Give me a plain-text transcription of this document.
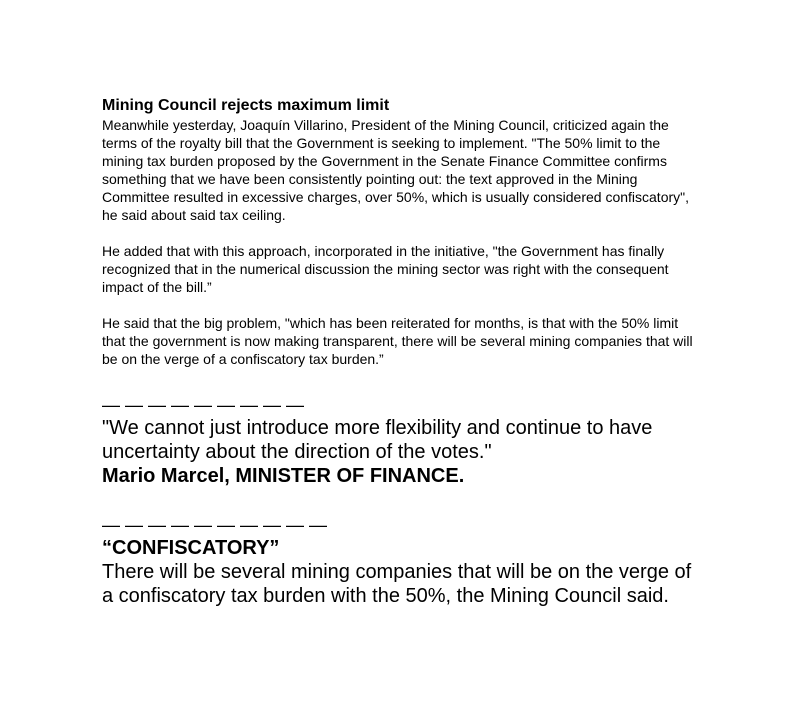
Mining Council rejects maximum limit

Meanwhile yesterday, Joaquín Villarino, President of the Mining Council, criticized again the terms of the royalty bill that the Government is seeking to implement. "The 50% limit to the mining tax burden proposed by the Government in the Senate Finance Committee confirms something that we have been consistently pointing out: the text approved in the Mining Committee resulted in excessive charges, over 50%, which is usually considered confiscatory", he said about said tax ceiling.

He added that with this approach, incorporated in the initiative, "the Government has finally recognized that in the numerical discussion the mining sector was right with the consequent impact of the bill.”

He said that the big problem, "which has been reiterated for months, is that with the 50% limit that the government is now making transparent, there will be several mining companies that will be on the verge of a confiscatory tax burden.”

— — — — — — — — —

"We cannot just introduce more flexibility and continue to have uncertainty about the direction of the votes."

Mario Marcel, MINISTER OF FINANCE.

— — — — — — — — — —

“CONFISCATORY”

There will be several mining companies that will be on the verge of a confiscatory tax burden with the 50%, the Mining Council said.
